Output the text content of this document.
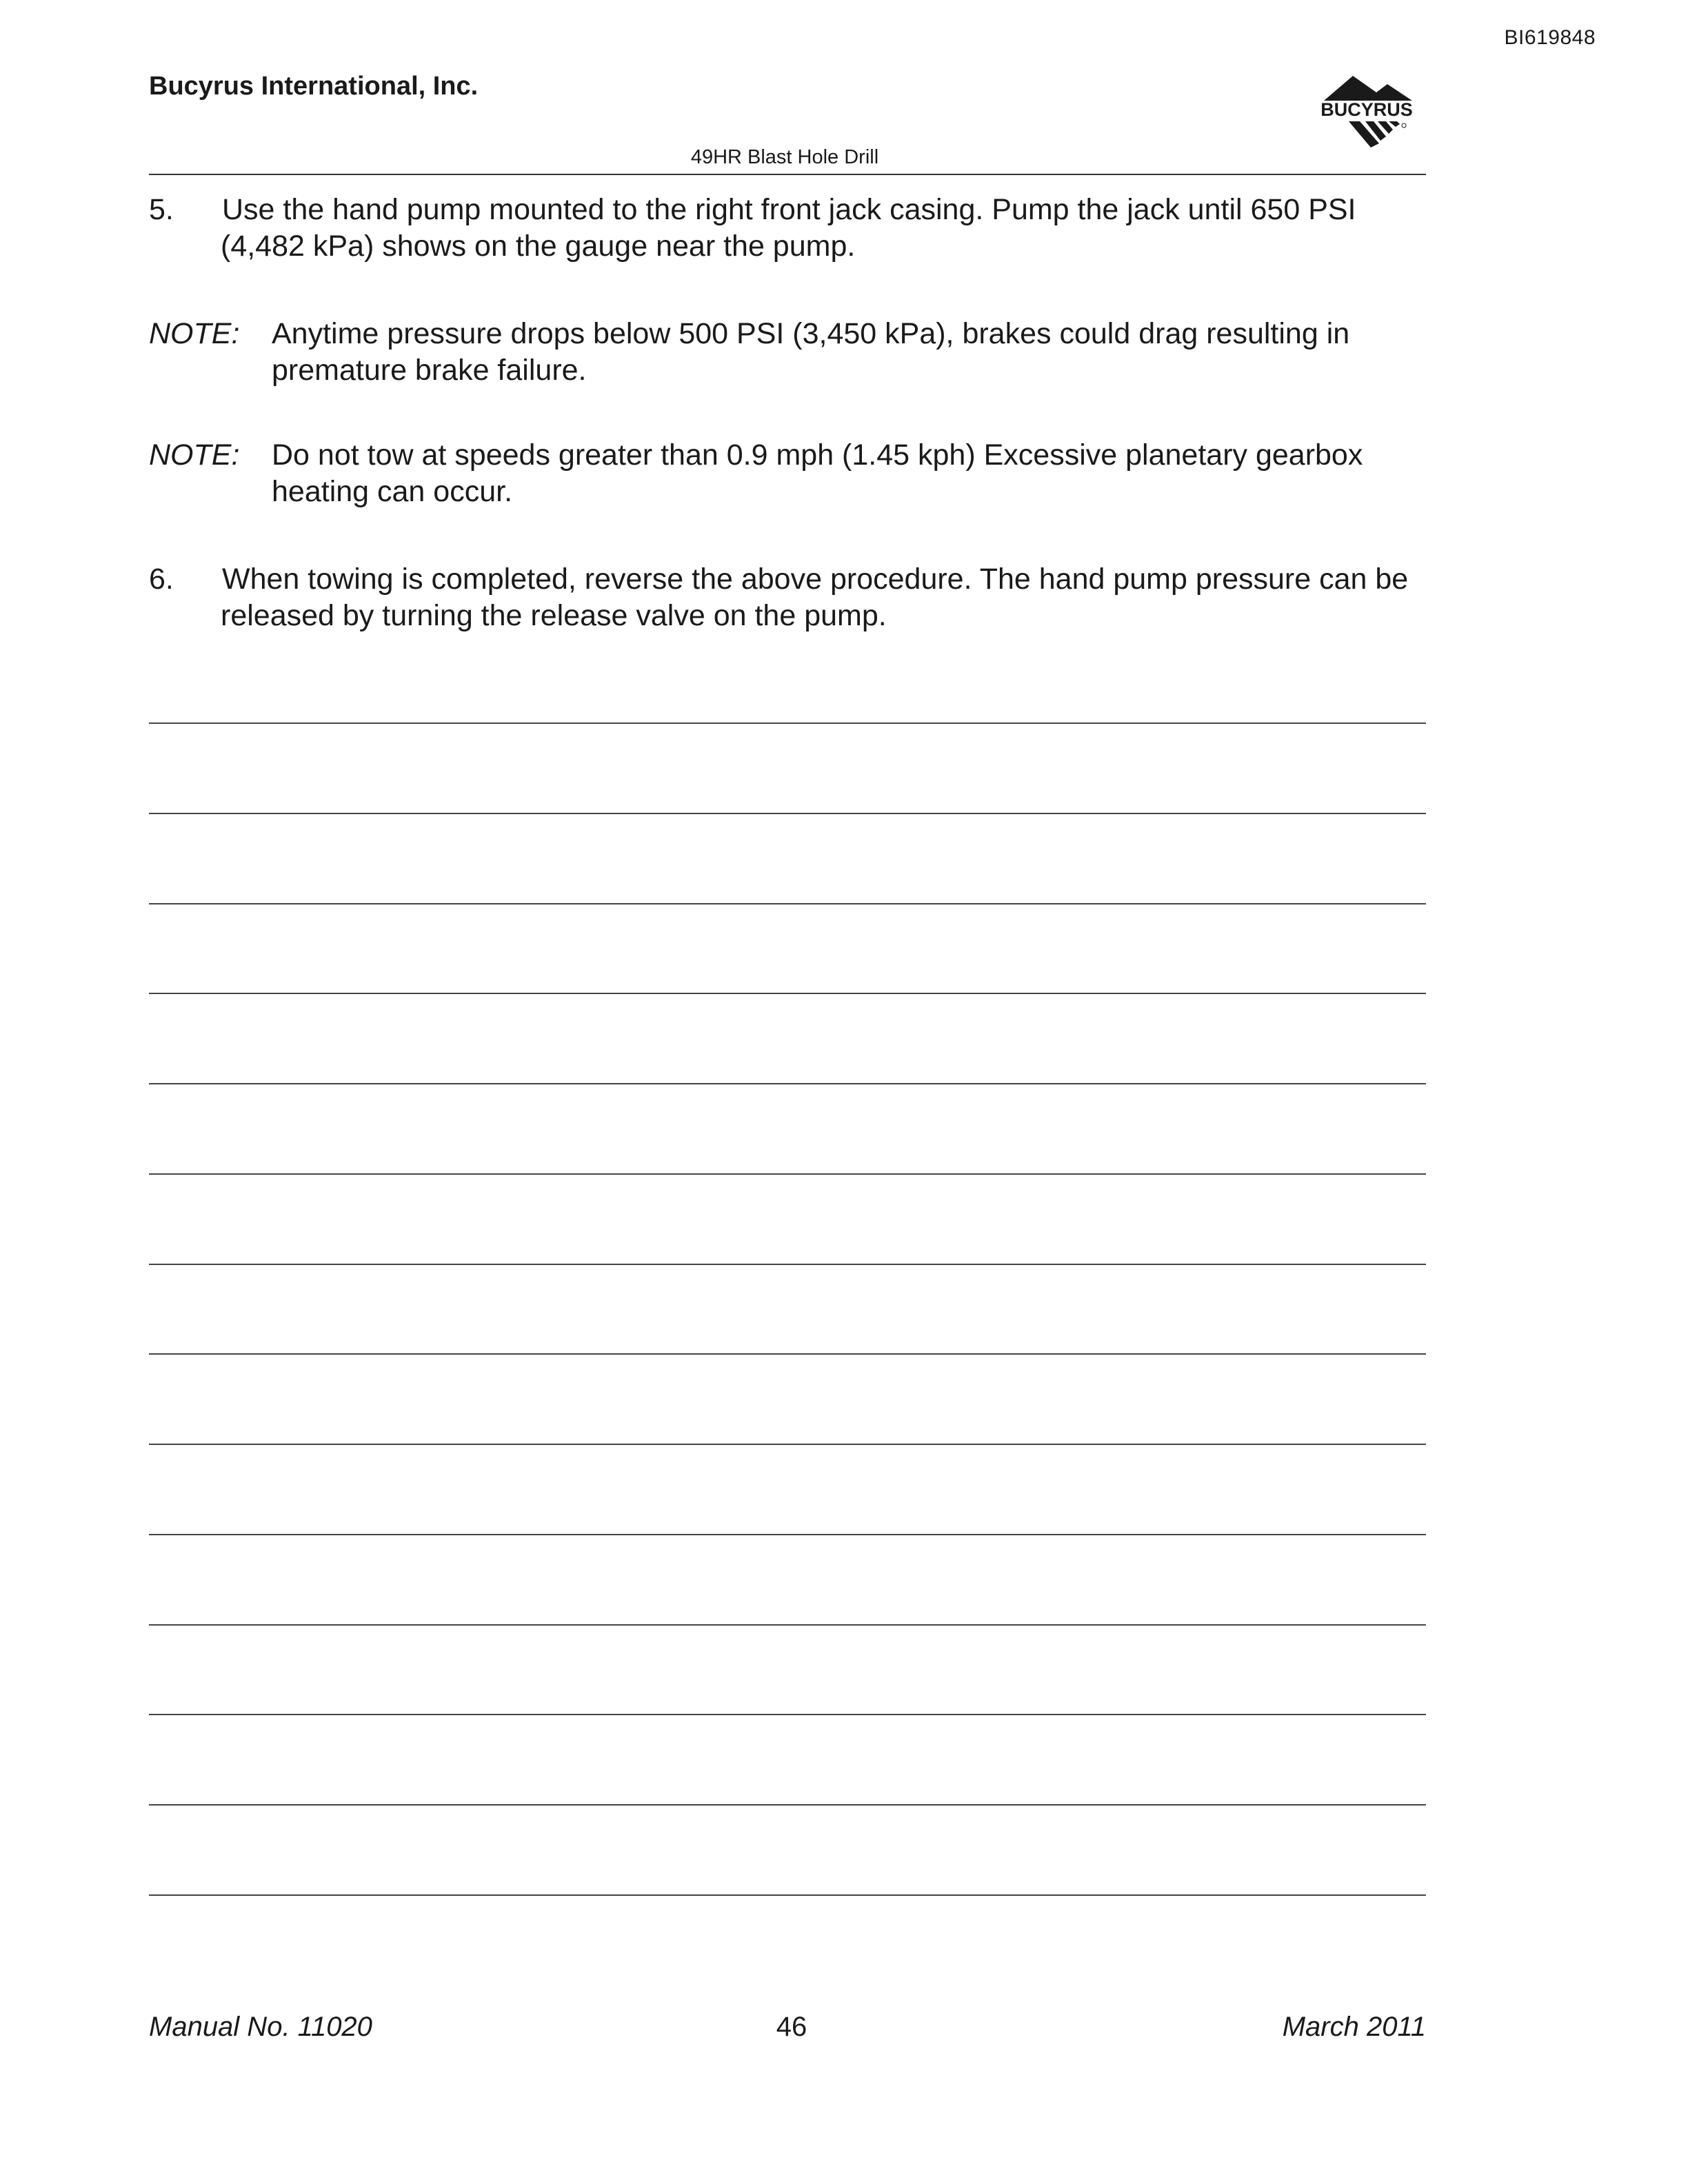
BI619848
Bucyrus International, Inc.
BUCYRUS
49HR Blast Hole Drill
5. Use the hand pump mounted to the right front jack casing. Pump the jack until 650 PSI
(4,482 kPa) shows on the gauge near the pump.
NOTE: Anytime pressure drops below 500 PSI (3,450 kPa), brakes could drag resulting in
premature brake failure.
NOTE: Do not tow at speeds greater than 0.9 mph (1.45 kph) Excessive planetary gearbox
heating can occur.
6. When towing is completed, reverse the above procedure. The hand pump pressure can be
released by turning the release valve on the pump.
Manual No. 11020	46	March 2011
